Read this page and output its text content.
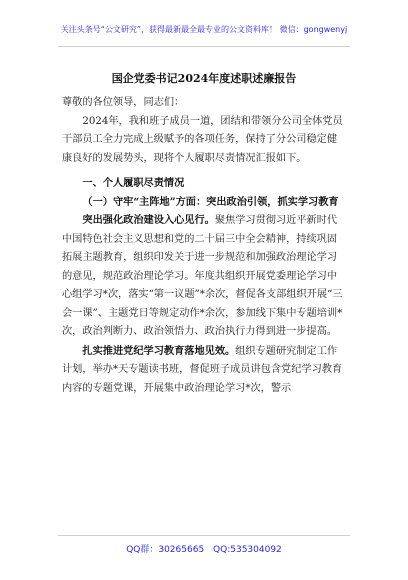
关注头条号“公文研究”，获得最新最全最专业的公文资料库！ 微信：gongwenyj
国企党委书记2024年度述职述廉报告

尊敬的各位领导，同志们：

2024年，我和班子成员一道，团结和带领分公司全体党员干部员工全力完成上级赋予的各项任务，保持了分公司稳定健康良好的发展势头，现将个人履职尽责情况汇报如下。

一、个人履职尽责情况

（一）守牢“主阵地”方面：突出政治引领，抓实学习教育

突出强化政治建设入心见行。聚焦学习贯彻习近平新时代中国特色社会主义思想和党的二十届三中全会精神，持续巩固拓展主题教育，组织印发关于进一步规范和加强政治理论学习的意见，规范政治理论学习。年度共组织开展党委理论学习中心组学习*次，落实“第一议题”*余次，督促各支部组织开展“三会一课”、主题党日等规定动作*余次，参加线下集中专题培训*次，政治判断力、政治领悟力、政治执行力得到进一步提高。

扎实推进党纪学习教育落地见效。组织专题研究制定工作计划，举办*天专题读书班，督促班子成员讲包含党纪学习教育内容的专题党课，开展集中政治理论学习*次，警示

QQ群：30265665 QQ:535304092
